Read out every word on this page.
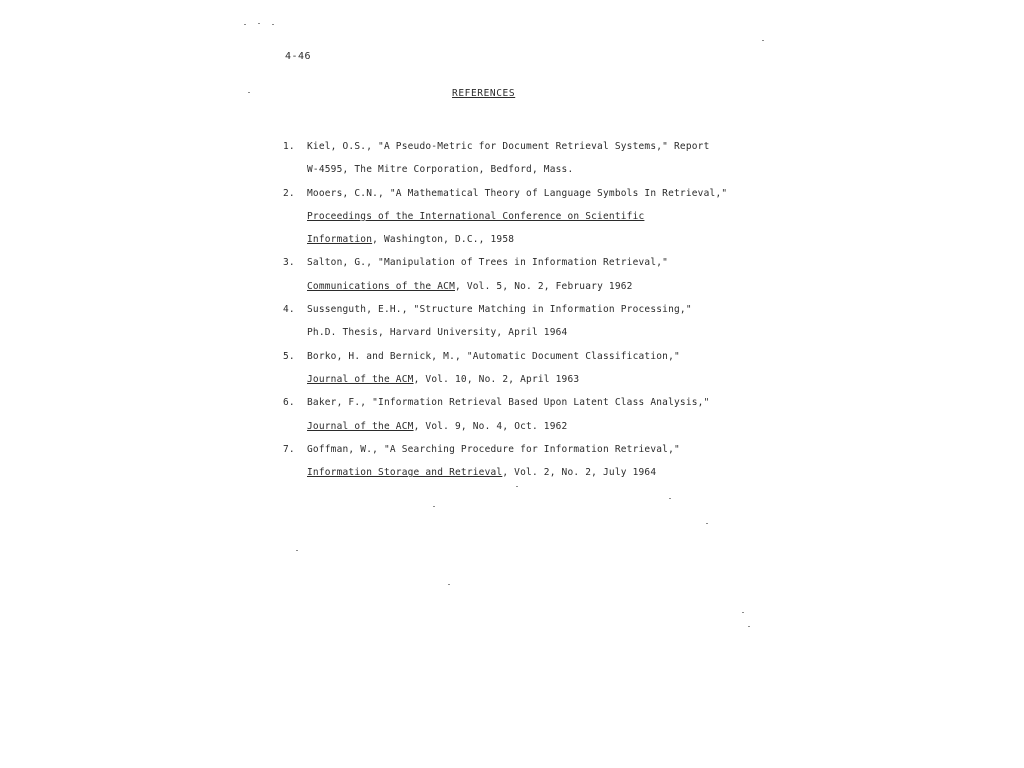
4-46
REFERENCES
1.	Kiel, O.S., "A Pseudo-Metric for Document Retrieval Systems," Report
W-4595, The Mitre Corporation, Bedford, Mass.
2.	Mooers, C.N., "A Mathematical Theory of Language Symbols In Retrieval,"
Proceedings of the International Conference on Scientific
Information, Washington, D.C., 1958
3.	Salton, G., "Manipulation of Trees in Information Retrieval,"
Communications of the ACM, Vol. 5, No. 2, February 1962
4.	Sussenguth, E.H., "Structure Matching in Information Processing,"
Ph.D. Thesis, Harvard University, April 1964
5.	Borko, H. and Bernick, M., "Automatic Document Classification,"
Journal of the ACM, Vol. 10, No. 2, April 1963
6.	Baker, F., "Information Retrieval Based Upon Latent Class Analysis,"
Journal of the ACM, Vol. 9, No. 4, Oct. 1962
7.	Goffman, W., "A Searching Procedure for Information Retrieval,"
Information Storage and Retrieval, Vol. 2, No. 2, July 1964
